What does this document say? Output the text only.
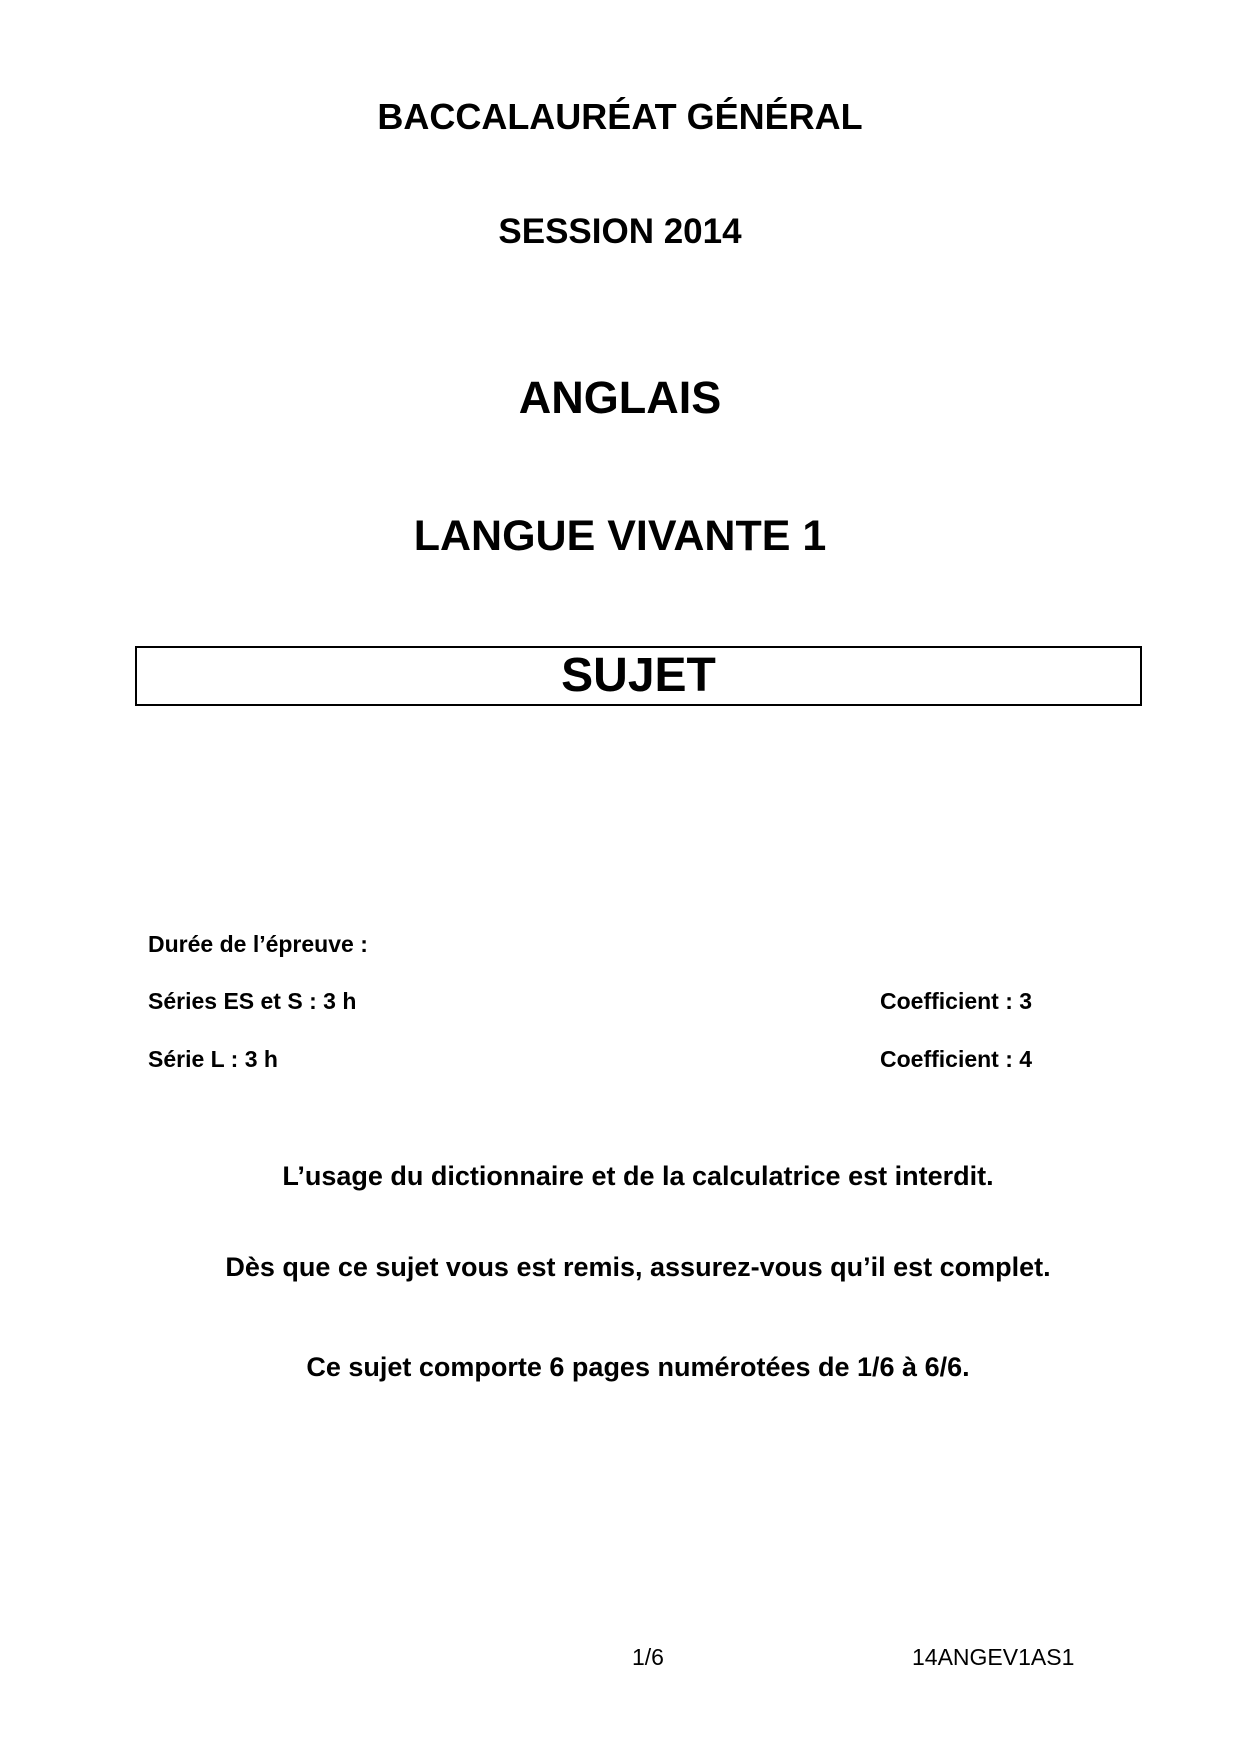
BACCALAURÉAT GÉNÉRAL
SESSION 2014
ANGLAIS
LANGUE VIVANTE 1
SUJET
Durée de l’épreuve :
Séries ES et S : 3 h	Coefficient : 3
Série L : 3 h	Coefficient : 4
L’usage du dictionnaire et de la calculatrice est interdit.
Dès que ce sujet vous est remis, assurez-vous qu’il est complet.
Ce sujet comporte 6 pages numérotées de 1/6 à 6/6.
1/6	14ANGEV1AS1
